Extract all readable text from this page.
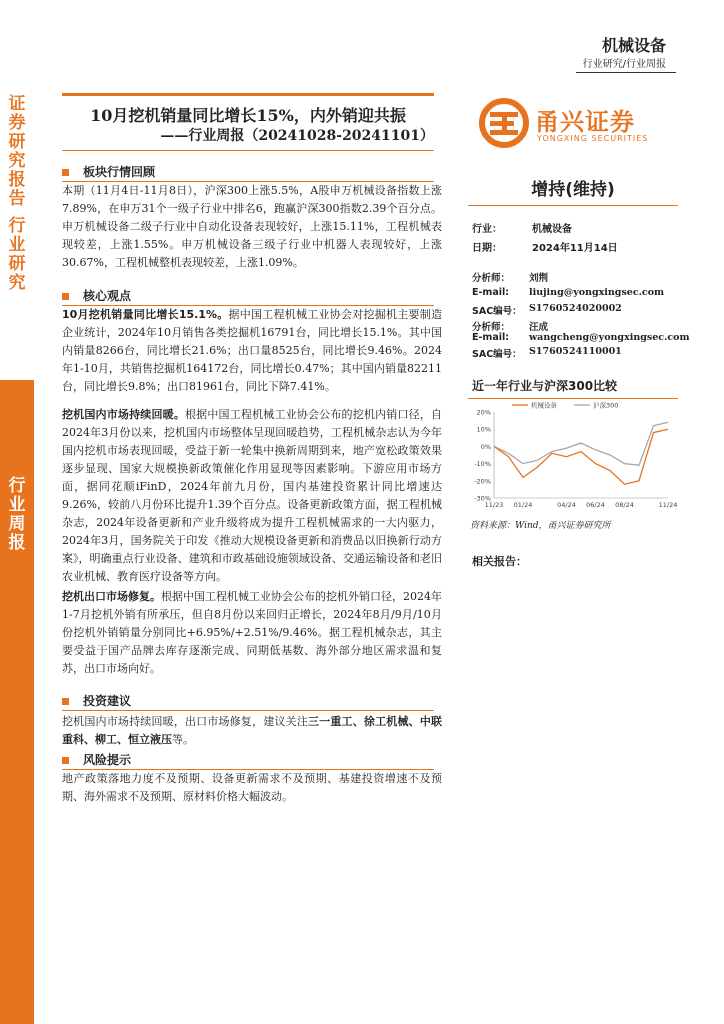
证
券
研
究
报
告

行
业
研
究
行
业
周
报
机械设备
行业研究/行业周报
10月挖机销量同比增长15%，内外销迎共振
——行业周报（20241028-20241101）
板块行情回顾
本期（11月4日-11月8日），沪深300上涨5.5%，A股申万机械设备指数上涨7.89%，在申万31个一级子行业中排名6，跑赢沪深300指数2.39个百分点。申万机械设备二级子行业中自动化设备表现较好，上涨15.11%，工程机械表现较差，上涨1.55%。申万机械设备三级子行业中机器人表现较好，上涨30.67%，工程机械整机表现较差，上涨1.09%。
核心观点
10月挖机销量同比增长15.1%。据中国工程机械工业协会对挖掘机主要制造企业统计，2024年10月销售各类挖掘机16791台，同比增长15.1%。其中国内销量8266台，同比增长21.6%；出口量8525台，同比增长9.46%。2024年1-10月，共销售挖掘机164172台，同比增长0.47%；其中国内销量82211台，同比增长9.8%；出口81961台，同比下降7.41%。
挖机国内市场持续回暖。根据中国工程机械工业协会公布的挖机内销口径，自2024年3月份以来，挖机国内市场整体呈现回暖趋势，工程机械杂志认为今年国内挖机市场表现回暖，受益于新一轮集中换新周期到来，地产宽松政策效果逐步显现、国家大规模换新政策催化作用显现等因素影响。下游应用市场方面，据同花顺iFinD，2024年前九月份，国内基建投资累计同比增速达9.26%，较前八月份环比提升1.39个百分点。设备更新政策方面，据工程机械杂志，2024年设备更新和产业升级将成为提升工程机械需求的一大内驱力，2024年3月，国务院关于印发《推动大规模设备更新和消费品以旧换新行动方案》，明确重点行业设备、建筑和市政基础设施领域设备、交通运输设备和老旧农业机械、教育医疗设备等方向。
挖机出口市场修复。根据中国工程机械工业协会公布的挖机外销口径，2024年1-7月挖机外销有所承压，但自8月份以来回归正增长，2024年8月/9月/10月份挖机外销销量分别同比+6.95%/+2.51%/9.46%。据工程机械杂志，其主要受益于国产品牌去库存逐渐完成、同期低基数、海外部分地区需求温和复苏，出口市场向好。
投资建议
挖机国内市场持续回暖，出口市场修复，建议关注三一重工、徐工机械、中联重科、柳工、恒立液压等。
风险提示
地产政策落地力度不及预期、设备更新需求不及预期、基建投资增速不及预期、海外需求不及预期、原材料价格大幅波动。
甬兴证券
YONGXING SECURITIES
增持(维持)
行业：	机械设备
日期：	2024年11月14日
分析师： 刘荆
E-mail: liujing@yongxingsec.com
SAC编号： S1760524020002
分析师： 汪成
E-mail: wangcheng@yongxingsec.com
SAC编号： S1760524110001
近一年行业与沪深300比较
20%
10%
0%
-10%
-20%
-30%
11/23 01/24	04/24 06/24 08/24	11/24
机械设备	沪深300
资料来源：Wind，甬兴证券研究所
相关报告：
